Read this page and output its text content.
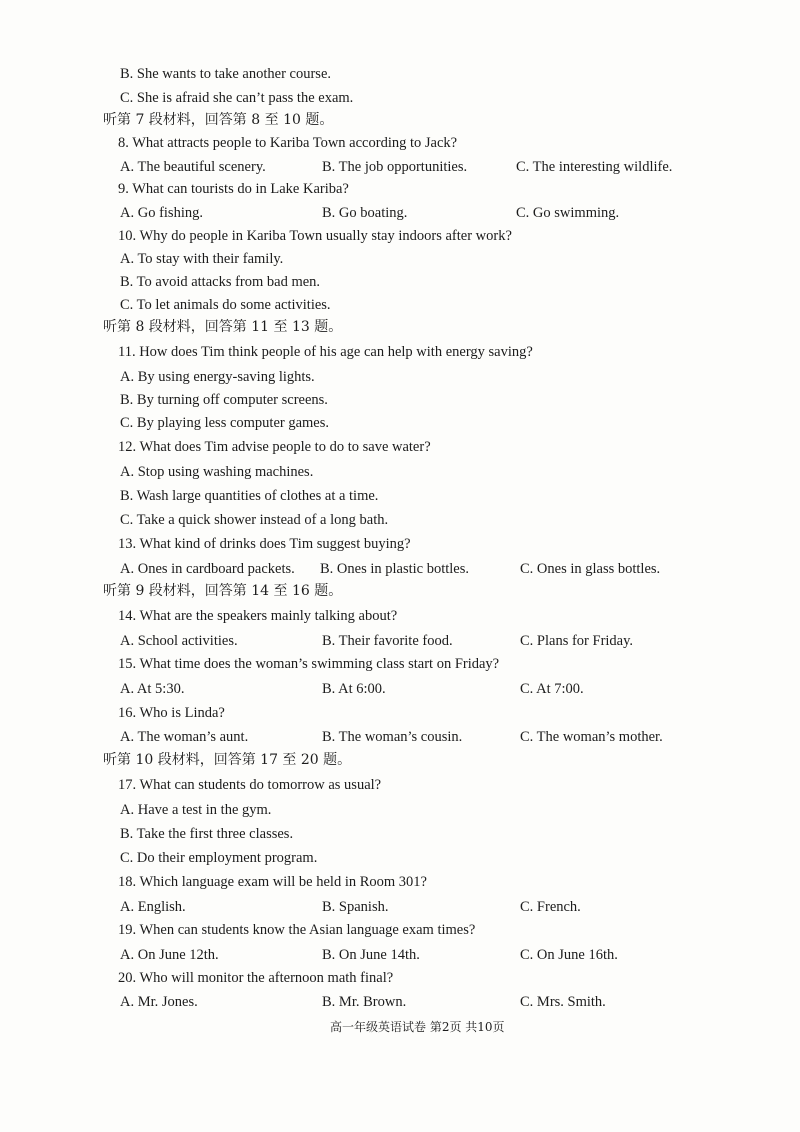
B. She wants to take another course.
C. She is afraid she can’t pass the exam.
听第 7 段材料，回答第 8 至 10 题。
8. What attracts people to Kariba Town according to Jack?
A. The beautiful scenery.	B. The job opportunities.	C. The interesting wildlife.
9. What can tourists do in Lake Kariba?
A. Go fishing.	B. Go boating.	C. Go swimming.
10. Why do people in Kariba Town usually stay indoors after work?
A. To stay with their family.
B. To avoid attacks from bad men.
C. To let animals do some activities.
听第 8 段材料，回答第 11 至 13 题。
11. How does Tim think people of his age can help with energy saving?
A. By using energy-saving lights.
B. By turning off computer screens.
C. By playing less computer games.
12. What does Tim advise people to do to save water?
A. Stop using washing machines.
B. Wash large quantities of clothes at a time.
C. Take a quick shower instead of a long bath.
13. What kind of drinks does Tim suggest buying?
A. Ones in cardboard packets. B. Ones in plastic bottles.	C. Ones in glass bottles.
听第 9 段材料，回答第 14 至 16 题。
14. What are the speakers mainly talking about?
A. School activities.	B. Their favorite food.	C. Plans for Friday.
15. What time does the woman’s swimming class start on Friday?
A. At 5:30.	B. At 6:00.	C. At 7:00.
16. Who is Linda?
A. The woman’s aunt.	B. The woman’s cousin.	C. The woman’s mother.
听第 10 段材料，回答第 17 至 20 题。
17. What can students do tomorrow as usual?
A. Have a test in the gym.
B. Take the first three classes.
C. Do their employment program.
18. Which language exam will be held in Room 301?
A. English.	B. Spanish.	C. French.
19. When can students know the Asian language exam times?
A. On June 12th.	B. On June 14th.	C. On June 16th.
20. Who will monitor the afternoon math final?
A. Mr. Jones.	B. Mr. Brown.	C. Mrs. Smith.
高一年级英语试卷 第2页 共10页
